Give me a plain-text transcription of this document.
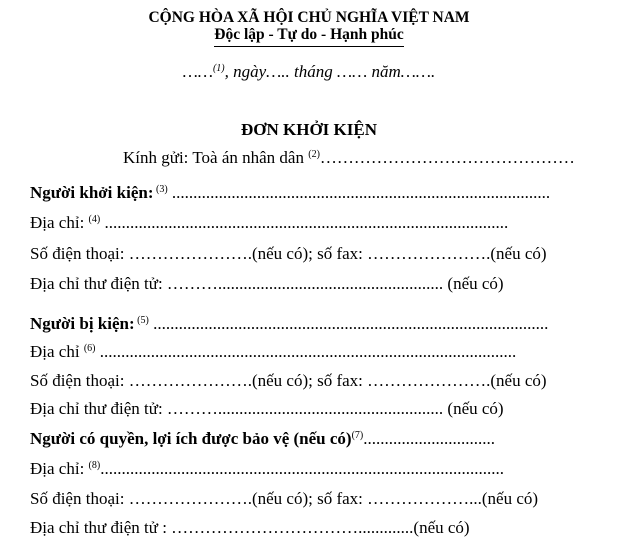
CỘNG HÒA XÃ HỘI CHỦ NGHĨA VIỆT NAM
Độc lập - Tự do - Hạnh phúc
……$^{(1)}$, ngày….. tháng …… năm…….
ĐƠN KHỞI KIỆN
Kính gửi: Toà án nhân dân $^{(2)}$………………………………………
Người khởi kiện: $^{(3)}$ .........................................................................................
Địa chỉ: $^{(4)}$ ...............................................................................................
Số điện thoại: ………………….(nếu có); số fax: ………………….(nếu có)
Địa chỉ thư điện tử: ………..................................................... (nếu có)
Người bị kiện: $^{(5)}$ .............................................................................................
Địa chỉ $^{(6)}$ ..................................................................................................
Số điện thoại: ………………….(nếu có); số fax: ………………….(nếu có)
Địa chỉ thư điện tử: ………..................................................... (nếu có)
Người có quyền, lợi ích được bảo vệ (nếu có)$^{(7)}$...............................
Địa chỉ: $^{(8)}$...............................................................................................
Số điện thoại: ………………….(nếu có); số fax: ………………...(nếu có)
Địa chỉ thư điện tử : …………………………….............(nếu có)
